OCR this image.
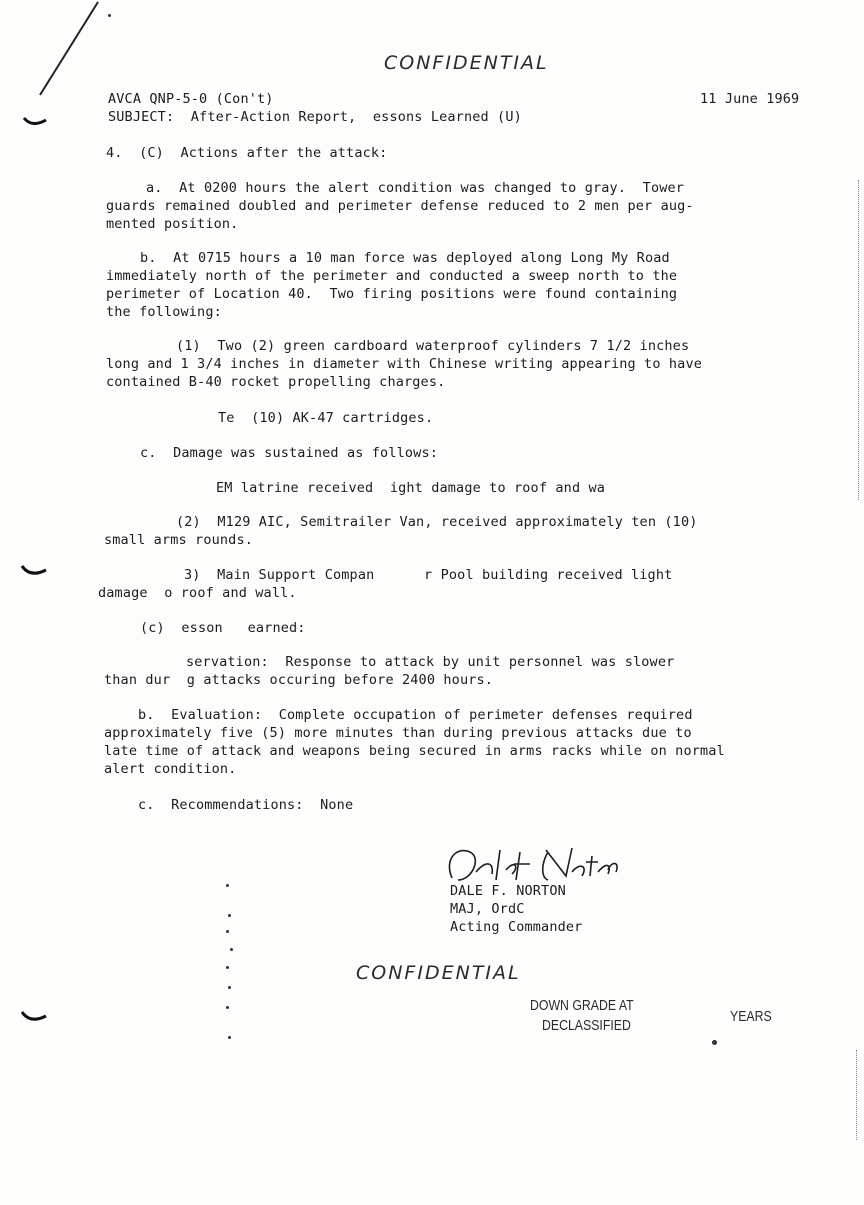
CONFIDENTIAL
AVCA QNP-5-0 (Con't)	11 June 1969
SUBJECT:  After-Action Report,  essons Learned (U)
4.  (C)  Actions after the attack:
a.  At 0200 hours the alert condition was changed to gray.  Tower
guards remained doubled and perimeter defense reduced to 2 men per aug-
mented position.
b.  At 0715 hours a 10 man force was deployed along Long My Road
immediately north of the perimeter and conducted a sweep north to the
perimeter of Location 40.  Two firing positions were found containing
the following:
(1)  Two (2) green cardboard waterproof cylinders 7 1/2 inches
long and 1 3/4 inches in diameter with Chinese writing appearing to have
contained B-40 rocket propelling charges.
Te  (10) AK-47 cartridges.
c.  Damage was sustained as follows:
EM latrine received  ight damage to roof and wa
(2)  M129 AIC, Semitrailer Van, received approximately ten (10)
small arms rounds.
3)  Main Support Compan      r Pool building received light
damage  o roof and wall.
(c)  esson   earned:
servation:  Response to attack by unit personnel was slower
than dur  g attacks occuring before 2400 hours.
b.  Evaluation:  Complete occupation of perimeter defenses required
approximately five (5) more minutes than during previous attacks due to
late time of attack and weapons being secured in arms racks while on normal
alert condition.
c.  Recommendations:  None
DALE F. NORTON
MAJ, OrdC
Acting Commander
CONFIDENTIAL
DOWN GRADE AT
DECLASSIFIED
YEARS
